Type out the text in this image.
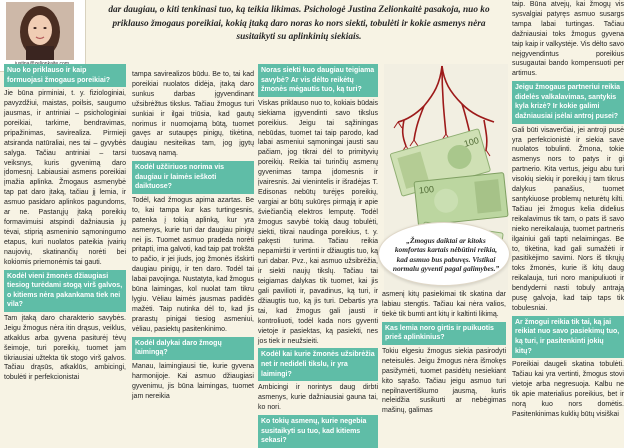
dar daugiau, o kiti tenkinasi tuo, ką teikia likimas. Psichologė Justina Zelionkaitė pasakoja, nuo ko priklauso žmogaus poreikiai, kokią įtaką daro noras ko nors siekti, tobulėti ir kokie asmenys nėra susitaikyti su aplinkinių siekiais.
Nuo ko priklauso ir kaip formuojasi žmogaus poreikiai?
Jie būna pirminiai, t. y. fiziologiniai, pavyzdžiui, maistas, poilsis, saugumo jausmas, ir antriniai – psichologiniai poreikiai, tarkime, bendravimas, pripažinimas, savirealiza. Pirmieji atsiranda natūraliai, nes tai – gyvybės salyga. Tačiau antriniai – tarsi veiksnys, kuris gyvenimą daro įdomesnį. Labiausiai asmens poreikiai įmažia aplinka. Žmogaus asmenybė tap pat daro įtaką, tačiau jį lemia, ir asmuo pasidaro aplinkos pagundoms, ar ne. Pastarųjų įtaką poreikių formavimuisi atspindi dažniausia jų tėvai, stiprią asmeninio sąmoningumo etapus, kuri nuolatos pateikia įvairių naujovių, skatinančių norėti bei kokiomis priemonėmis tai gauti.
Kodėl vieni žmonės džiaugiasi tiesiog turėdami stogą virš galvos, o kitiems nėra pakankama tiek nei vila?
Tam įtaką daro charakterio savybės. Jeigu žmogus nėra itin drąsus, veiklus, atkaklus arba gyvena pasiturėj tėvų šeimoje, turi poreikių, tuomet jam tikriausiai užtekta tik stogo virš galvos. Tačiau drąsūs, atkaklūs, ambicingi, tobulėti ir perfekcionistai
tampa savirealizos būdu. Be to, tai kad poreikiai nuolatos didėja, įtaką daro sunkus darbas įgyvendinant užsibrėžtus tikslus. Tačiau žmogus turi sunkiai ir ilgai triūsia, kad gautų norimus ir nuomojamą būtą, tuomet gavęs ar sutaupęs pinigų, tikėtina, daugiau nesiteikas tam, jog įgytų tuosavą namą.
Kodėl užčiriuos norima vis daugiau ir laimės ieškoti daiktuose?
Todėl, kad žmogus apima azartas. Be to, kai tampa kur kas turtingesnis, patenka į tokią aplinką, kur yra asmenys, kurie turi dar daugiau pinigų nei jis. Tuomet asmuo pradeda norėti pritapti, ima galvoti, kad taip pat trokšta to pačio, ir jei jiuds, jog žmonės išskirti daugiau pinigų, ir ten daro. Todėl tai labai pavojinga. Nustatyta, kad žmogus būna laimingas, kol nuolat tam tikru lygiu. Vėliau laimės jausmas padidės mažėti. Taip nutinka dėl to, kad jis prarastų pinigai tiesiog asmeniui, vėliau, pasiektų pasitenkinimo.
Kodėl dalykai daro žmogų laimingą?
Manau, laimingiausi tie, kurie gyvena harmonijoje. Kai asmuo džiaugiasi gyvenimu, jis būna laimingas, tuomet jam nereikia
Noras siekti kuo daugiau teigiama savybė? Ar vis dėlto reikėtų žmonės mėgautis tuo, ką turi?
Viskas priklauso nuo to, kokiais būdais siekiama įgyvendinti savo tikslus poreikius. Jeigu tai sąžiningas nebūdas, tuomet tai taip parodo, kad labai asmeniui sąmoningai jausti sau pačiam, jog tikrai dėl to primityvių poreikių. Reikia tai turinčių asmenų gyvenimas tampa įdomesnis ir įvairesnis. Jai vienintelis ir išradėjas T. Edisonas nebūtų turėjęs poreikių, vargiai ar būtų sukūręs pirmąją ir apie šviečiančią elektros lemputę. Todėl žmogus savybė tokią daug tobulėti, siekti, tikrai naudinga poreikius, t. y. pakęsti turima. Tačiau reikia nepamiršti ir vertinti ir džiaugtis tuo, ką turi dabar. Pvz., kai asmuo užsibrėžia, ir siekti naujų tikslų. Tačiau tai teigiamas dalykas tik tuomet, kai jis gali pavilioti ir, pavadinus, ką turi, ir džiaugtis tuo, ką jis turi. Debartis yra tai, kad žmogus gali jausti ir kontroliuoti, todėl kada nors gyventi vietoje ir pasiektas, ką pasiekti, nes jos tiek ir neužsieiti.
Kodėl kai kurie žmonės užsibrėžia net ir nedideli tikslu, ir yra laimingi?
Ambicingi ir norintys daug dirbti asmenys, kurie dažniausiai gauna tai, ko nori.
Ko tokių asmenų, kurie negebia susitaikyti su tuo, kad kitiems sekasi?
100
100
„Žmogus daiktai ar kitoks komfortas kartais nėbūtini reikia, kad asmuo bus pabuvęs. Vistikai normalu gyventi pagal galimybes.”
asmenį kitų pasiekimai tik skatina dar labiau stengtis. Tačiau kai nėra valios, tiekė tik bumti ant kitų ir kaltinti likimą.
Kas lemia noro girtis ir puikuotis prieš aplinkinius?
Tokiu elgesiu žmogus siekia pasirodyti neteisulės. Jeigu žmogus nėra išmokęs pasižymėti, tuomet pasidėtų nesiekiant kito sąrašo. Tačiau jeigu asmuo turi nepilnavertiškumo jausmą, kuris neleidžia susikurti ar nebėgimas mašinų, galimas
taip. Būna atvejų, kai žmogų vis sysvalgiai patyręs asmuo susargs tampa labai turtingas. Tačiau dažniausiai toks žmogus gyvena taip kaip ir valkystėje. Vis dėlto savo neįgyvendintus poreikius susugautai bando kompensuoti per artimus.
Jeigu žmogaus partneriui reikia didelės valkalavimas, santykis kyla krizė? Ir kokie galimi dažniausiai įsėlai antroj pusei?
Gali būti visaverčiai, jei antroji pusė yra perfekcionistė ir siekia save nuolatos tobulinti. Žmona, tokie asmenys nors to patys ir gi partnerio. Kita vertus, jeigu abu turi visokių siekių ir poreikių į tam tikrus dalykus panašius, tuomet santykiuose problemų neturėtų kilti. Tačiau jei žmogus kelia didelius reikalavimus tik tam, o pats iš savo nieko nereikalauja, tuomet partneris ilgainiui gali tapti nelaimingas. Be to, tikėtina, kad gali sumažėti ir pasitikėjimo savimi. Nors iš tikrųjų toks žmonės, kurie iš kitų daug reikalauja, turi noro manipuliuoti ir bendyderni nasti tobuly antrają pusę galvoja, kad taip taps tik tobulesniai.
Ar žmogui reikia tik tai, ką jai reikiat nuo savo pasiekimų tuo, ką turi, ir pasitenkinti jokių kitų?
Poreikiai daugeli skatina tobulėti. Tačiau kai yra vertinti, žmogus stovi vietoje arba negresuoja. Kalbu ne tik apie materialius poreikius, bet ir norą kuo nors domėtis. Pasitenkinimas kuklių būtų visiškai
